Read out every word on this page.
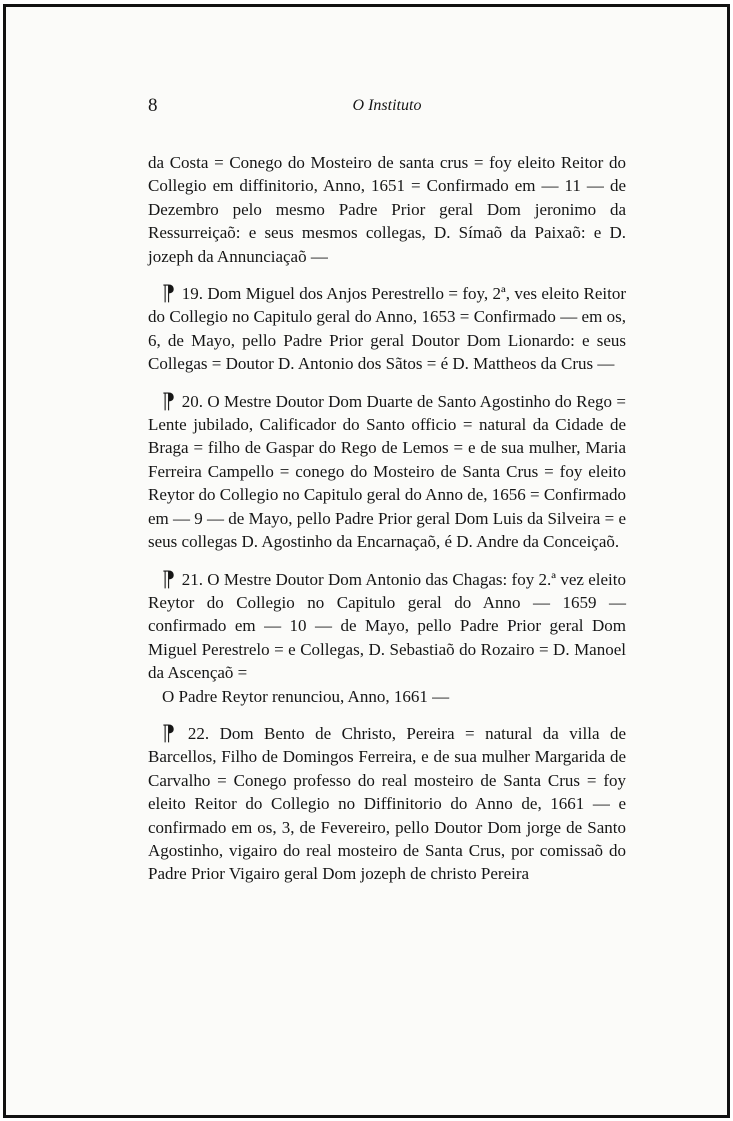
8	O Instituto

da Costa = Conego do Mosteiro de santa crus = foy eleito Reitor do Collegio em diffinitorio, Anno, 1651 = Confirmado em — 11 — de Dezembro pelo mesmo Padre Prior geral Dom jeronimo da Ressurreiçaõ: e seus mesmos collegas, D. Símaõ da Paixaõ: e D. jozeph da Annunciaçaõ —

⁋ 19. Dom Miguel dos Anjos Perestrello = foy, 2ª, ves eleito Reitor do Collegio no Capitulo geral do Anno, 1653 = Confirmado — em os, 6, de Mayo, pello Padre Prior geral Doutor Dom Lionardo: e seus Collegas = Doutor D. Antonio dos Sãtos = é D. Mattheos da Crus —

⁋ 20. O Mestre Doutor Dom Duarte de Santo Agostinho do Rego = Lente jubilado, Calificador do Santo officio = natural da Cidade de Braga = filho de Gaspar do Rego de Lemos = e de sua mulher, Maria Ferreira Campello = conego do Mosteiro de Santa Crus = foy eleito Reytor do Collegio no Capitulo geral do Anno de, 1656 = Confirmado em — 9 — de Mayo, pello Padre Prior geral Dom Luis da Silveira = e seus collegas D. Agostinho da Encarnaçaõ, é D. Andre da Conceiçaõ.

⁋ 21. O Mestre Doutor Dom Antonio das Chagas: foy 2.ª vez eleito Reytor do Collegio no Capitulo geral do Anno — 1659 — confirmado em — 10 — de Mayo, pello Padre Prior geral Dom Miguel Perestrelo = e Collegas, D. Sebastiaõ do Rozairo = D. Manoel da Ascençaõ =
O Padre Reytor renunciou, Anno, 1661 —

⁋ 22. Dom Bento de Christo, Pereira = natural da villa de Barcellos, Filho de Domingos Ferreira, e de sua mulher Margarida de Carvalho = Conego professo do real mosteiro de Santa Crus = foy eleito Reitor do Collegio no Diffinitorio do Anno de, 1661 — e confirmado em os, 3, de Fevereiro, pello Doutor Dom jorge de Santo Agostinho, vigairo do real mosteiro de Santa Crus, por comissaõ do Padre Prior Vigairo geral Dom jozeph de christo Pereira
